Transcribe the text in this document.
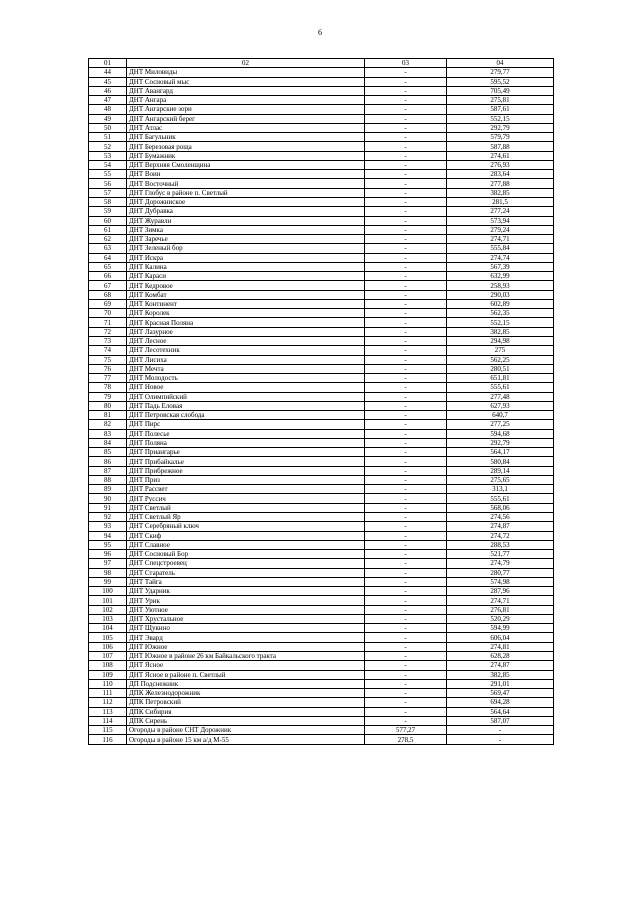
6
01	02	03	04
44	ДНТ Миловиды	-	279,77
45	ДНТ Сосновый мыс	-	595,52
46	ДНТ Авангард	-	705,49
47	ДНТ Ангара	-	275,81
48	ДНТ Ангарские зори	-	587,61
49	ДНТ Ангарский берег	-	552,15
50	ДНТ Атлас	-	292,79
51	ДНТ Багульник	-	579,79
52	ДНТ Березовая роща	-	587,88
53	ДНТ Бумажник	-	274,61
54	ДНТ Верхняя Смоленщина	-	276,93
55	ДНТ Воин	-	283,64
56	ДНТ Восточный	-	277,88
57	ДНТ Глобус в районе п. Светлый	-	382,85
58	ДНТ Дорожниское	-	281,5
59	ДНТ Дубравка	-	277,24
60	ДНТ Журавли	-	573,94
61	ДНТ Зимка	-	279,24
62	ДНТ Заречье	-	274,71
63	ДНТ Зеленый бор	-	555,84
64	ДНТ Искра	-	274,74
65	ДНТ Калина	-	567,39
66	ДНТ Караси	-	632,99
67	ДНТ Кедровое	-	258,93
68	ДНТ Комбат	-	290,03
69	ДНТ Континент	-	602,89
70	ДНТ Королек	-	562,35
71	ДНТ Красная Поляна	-	552,15
72	ДНТ Лазурное	-	382,85
73	ДНТ Лесное	-	294,98
74	ДНТ Лесотехник	-	275
75	ДНТ Лисиха	-	562,25
76	ДНТ Мечта	-	280,51
77	ДНТ Молодость	-	651,81
78	ДНТ Новое	-	555,61
79	ДНТ Олимпийский	-	277,48
80	ДНТ Падь Еловая	-	627,93
81	ДНТ Петровская слобода	-	640,7
82	ДНТ Пирс	-	277,25
83	ДНТ Полесье	-	594,68
84	ДНТ Поляна	-	292,79
85	ДНТ Приангарье	-	564,17
86	ДНТ Прибайкалье	-	580,84
87	ДНТ Прибрежное	-	289,14
88	ДНТ Приз	-	275,65
89	ДНТ Рассвет	-	313,1
90	ДНТ Руссич	-	555,61
91	ДНТ Светлый	-	568,06
92	ДНТ Светлый Яр	-	274,56
93	ДНТ Серебряный ключ	-	274,87
94	ДНТ Скиф	-	274,72
95	ДНТ Славное	-	288,53
96	ДНТ Сосновый Бор	-	521,77
97	ДНТ Спецстроевец	-	274,79
98	ДНТ Старатель	-	280,77
99	ДНТ Тайга	-	574,98
100	ДНТ Ударник	-	287,96
101	ДНТ Урик	-	274,71
102	ДНТ Уютное	-	276,81
103	ДНТ Хрустальное	-	520,29
104	ДНТ Щукино	-	594,99
105	ДНТ Эвард	-	606,04
106	ДНТ Южное	-	274,81
107	ДНТ Южное в районе 26 км Байкальского тракта	-	628,28
108	ДНТ Ясное	-	274,87
109	ДНТ Ясное в районе п. Светлый	-	382,85
110	ДП Подснежник	-	291,01
111	ДПК Железнодорожник	-	569,47
112	ДПК Петровский	-	694,28
113	ДПК Сибирия	-	564,64
114	ДПК Сирень	-	587,07
115	Огороды в районе СНТ Дорожник	577,27	-
116	Огороды в районе 15 км а/д М-55	278,5	-
